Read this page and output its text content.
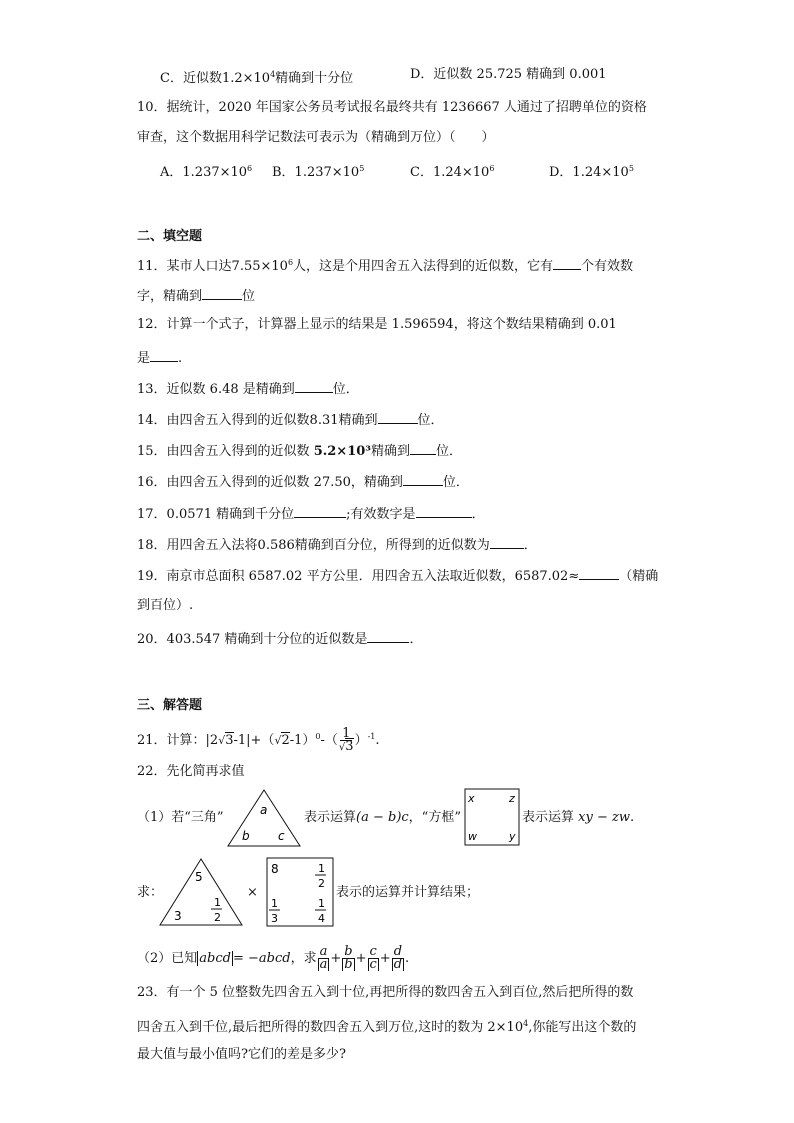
C．近似数$1.2\times 10^4$精确到十分位	D．近似数 25.725 精确到 0.001
10．据统计，2020 年国家公务员考试报名最终共有 1236667 人通过了招聘单位的资格
审查，这个数据用科学记数法可表示为（精确到万位）（　　）
A．$1.237\times 10^6$ B．$1.237\times 10^5$	C．$1.24\times 10^6$	D．$1.24\times 10^5$
二、填空题
11．某市人口达$7.55\times 10^6$人，这是个用四舍五入法得到的近似数，它有 个有效数
字，精确到	位
12．计算一个式子，计算器上显示的结果是 1.596594，将这个数结果精确到 0.01
是 .
13．近似数 6.48 是精确到	位．
14．由四舍五入得到的近似数8.31精确到	位．
15．由四舍五入得到的近似数 5.2×10³精确到 位．
16．由四舍五入得到的近似数 27.50，精确到	位．
17．0.0571 精确到千分位	;有效数字是	．
18．用四舍五入法将0.586精确到百分位，所得到的近似数为	．
19．南京市总面积 6587.02 平方公里．用四舍五入法取近似数，6587.02≈	（精确
到百位）.
20．403.547 精确到十分位的近似数是	．
三、解答题
21．计算：$|2√3-1|+(√2-1)^0-( \frac{1}{√3} )^{-1}$.
22．先化简再求值
（1）若“三角”	a
b c
表示运算(a − b)c，“方框”
x	z
w	y
表示运算 xy − zw.
求：
5
3
1
2
×
8	1
2
1
3
1
4
表示的运算并计算结果；
（2）已知 abcd = −abcd，求 $\frac{a}{a} + \frac{b}{b} + \frac{c}{c} + \frac{d}{d}$ .
23．有一个 5 位整数先四舍五入到十位,再把所得的数四舍五入到百位,然后把所得的数
四舍五入到千位,最后把所得的数四舍五入到万位,这时的数为 $2\times 10^4$,你能写出这个数的
最大值与最小值吗?它们的差是多少?
